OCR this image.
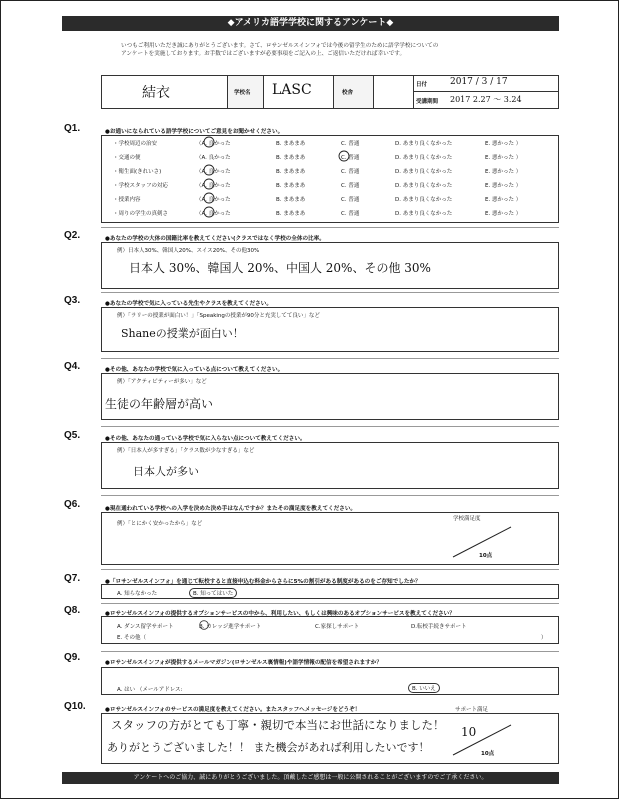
◆アメリカ語学学校に関するアンケート◆
いつもご利用いただき誠にありがとうございます。さて、ロサンゼルスインフォでは今後の留学生のために語学学校についての
アンケートを実施しております。お手数ではございますが必要事項をご記入の上、ご返信いただければ幸いです。
結衣	学校名 LASC	校舎
日付	2017 / 3 / 17
受講期間 2017 2.27 〜 3.24
Q1.	●お通いになられている語学学校についてご意見をお聞かせください。
・学校周辺の治安	（A. 良かった	B. まあまあ	C. 普通	D. あまり良くなかった	E. 悪かった ）
・交通の便	（A. 良かった	B. まあまあ	C. 普通	D. あまり良くなかった	E. 悪かった ）
・衛生面(きれいさ)	（A. 良かった	B. まあまあ	C. 普通	D. あまり良くなかった	E. 悪かった ）
・学校スタッフの対応	（A. 良かった	B. まあまあ	C. 普通	D. あまり良くなかった	E. 悪かった ）
・授業内容	（A. 良かった	B. まあまあ	C. 普通	D. あまり良くなかった	E. 悪かった ）
・周りの学生の真剣さ	（A. 良かった	B. まあまあ	C. 普通	D. あまり良くなかった	E. 悪かった ）
Q2.	●あなたの学校の大体の国籍比率を教えてください(クラスではなく学校の全体の比率。
例）日本人30%、韓国人20%、スイス20%、その他30%
日本人 30%、韓国人 20%、中国人 20%、その他 30%
Q3.	●あなたの学校で気に入っている先生やクラスを教えてください。
例）「ラリーの授業が面白い！」「Speakingの授業が90分と充実してて良い」など
Shaneの授業が面白い！
Q4.	●その他、あなたの学校で気に入っている点について教えてください。
例）「アクティビティーが多い」など
生徒の年齢層が高い
Q5.	●その他、あなたの通っている学校で気に入らない点について教えてください。
例）「日本人が多すぎる」「クラス数が少なすぎる」など
日本人が多い
Q6.	●現在通われている学校への入学を決めた決め手はなんですか？またその満足度を教えてください。
例）「とにかく安かったから」など
学校満足度
10点
Q7.	●「ロサンゼルスインフォ」を通じて転校すると直接申込む料金からさらに5%の割引がある制度があるのをご存知でしたか？
A. 知らなかった	B. 知ってはいた
Q8.	●ロサンゼルスインフォの提供するオプションサービスの中から、利用したい、もしくは興味のあるオプションサービスを教えてください？
A. ダンス留学サポート	B. カレッジ進学サポート	C.家探しサポート	D.転校手続きサポート
E. その他（	）
Q9.	●ロサンゼルスインフォが提供するメールマガジン(ロサンゼルス裏情報)や語学情報の配信を希望されますか？
A. はい （メールアドレス:	B. いいえ
Q10.	●ロサンゼルスインフォのサービスの満足度を教えてください。またスタッフへメッセージをどうぞ！
スタッフの方がとても丁寧・親切で本当にお世話になりました！
ありがとうございました！！ また機会があれば利用したいです！
サポート満足
10
10点
アンケートへのご協力、誠にありがとうございました。頂戴したご感想は一般に公開されることがございますのでご了承ください。
